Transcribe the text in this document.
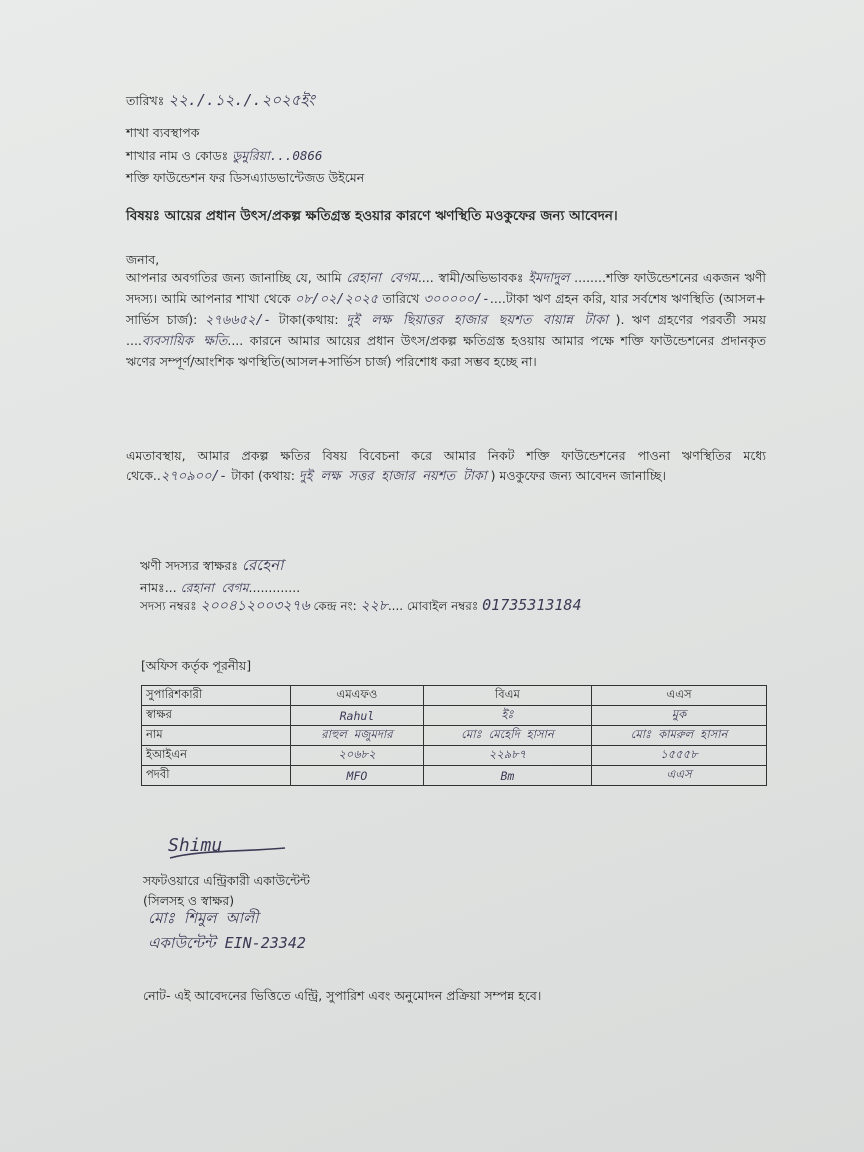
তারিখঃ ২২./.১২./.২০২৫ইং
শাখা ব্যবস্থাপক
শাখার নাম ও কোডঃ ডুমুরিয়া...0866
শক্তি ফাউন্ডেশন ফর ডিসএ্যাডভান্টেজড উইমেন
বিষয়ঃ আয়ের প্রধান উৎস/প্রকল্প ক্ষতিগ্রস্ত হওয়ার কারণে ঋণস্থিতি মওকুফের জন্য আবেদন।
জনাব,
আপনার অবগতির জন্য জানাচ্ছি যে, আমি রেহানা বেগম.... স্বামী/অভিভাবকঃ ইমদাদুল ........শক্তি ফাউন্ডেশনের একজন ঋণী সদস্য। আমি আপনার শাখা থেকে ০৮/০২/২০২৫ তারিখে ৩০০০০০/-....টাকা ঋণ গ্রহন করি, যার সর্বশেষ ঋণস্থিতি (আসল+ সার্ভিস চার্জ): ২৭৬৬৫২/- টাকা(কথায়: দুই লক্ষ ছিয়াত্তর হাজার ছয়শত বায়ান্ন টাকা ). ঋণ গ্রহণের পরবর্তী সময় ....ব্যবসায়িক ক্ষতি.... কারনে আমার আয়ের প্রধান উৎস/প্রকল্প ক্ষতিগ্রস্ত হওয়ায় আমার পক্ষে শক্তি ফাউন্ডেশনের প্রদানকৃত ঋণের সম্পূর্ণ/আংশিক ঋণস্থিতি(আসল+সার্ভিস চার্জ) পরিশোধ করা সম্ভব হচ্ছে না।
এমতাবস্থায়, আমার প্রকল্প ক্ষতির বিষয় বিবেচনা করে আমার নিকট শক্তি ফাউন্ডেশনের পাওনা ঋণস্থিতির মধ্যে থেকে..২৭০৯০০/- টাকা (কথায়: দুই লক্ষ সত্তর হাজার নয়শত টাকা ) মওকুফের জন্য আবেদন জানাচ্ছি।
ঋণী সদস্যর স্বাক্ষরঃ রেহেনা
নামঃ... রেহানা বেগম.............
সদস্য নম্বরঃ ২০০৪১২০০৩২৭৬ কেন্দ্র নং: ২২৮.... মোবাইল নম্বরঃ 01735313184
[অফিস কর্তৃক পূরনীয়]
সুপারিশকারী	এমএফও	বিএম	এএস
স্বাক্ষর	Rahul	ইঃ	মুক
নাম	রাহুল মজুমদার	মোঃ মেহেদি হাসান	মোঃ কামরুল হাসান
ইআইএন	২০৬৮২	২২৯৮৭	১৫৫৫৮
পদবী	MFO	Bm	এএস
Shimu
সফটওয়ারে এন্ট্রিকারী একাউন্টেন্ট
(সিলসহ ও স্বাক্ষর)
মোঃ শিমুল আলী
একাউন্টেন্ট EIN-23342
নোট- এই আবেদনের ভিত্তিতে এন্ট্রি, সুপারিশ এবং অনুমোদন প্রক্রিয়া সম্পন্ন হবে।
